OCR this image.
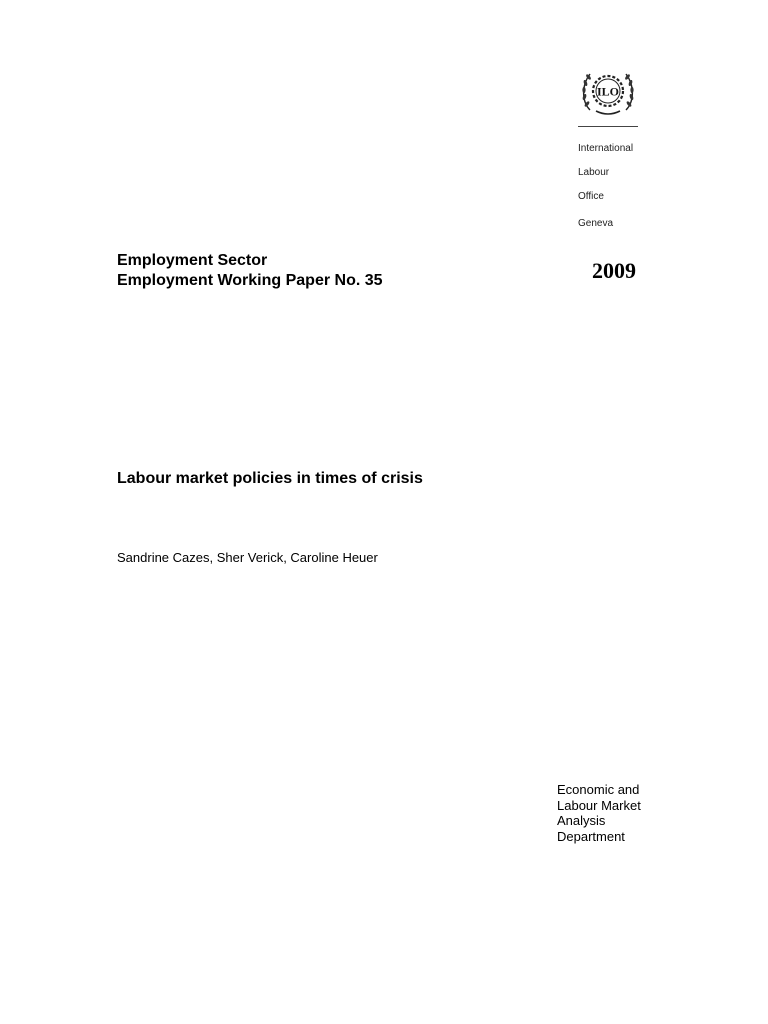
ILO

International

Labour

Office

Geneva
Employment Sector
Employment Working Paper No. 35	2009
Labour market policies in times of crisis
Sandrine Cazes, Sher Verick, Caroline Heuer
Economic and
Labour Market
Analysis
Department
